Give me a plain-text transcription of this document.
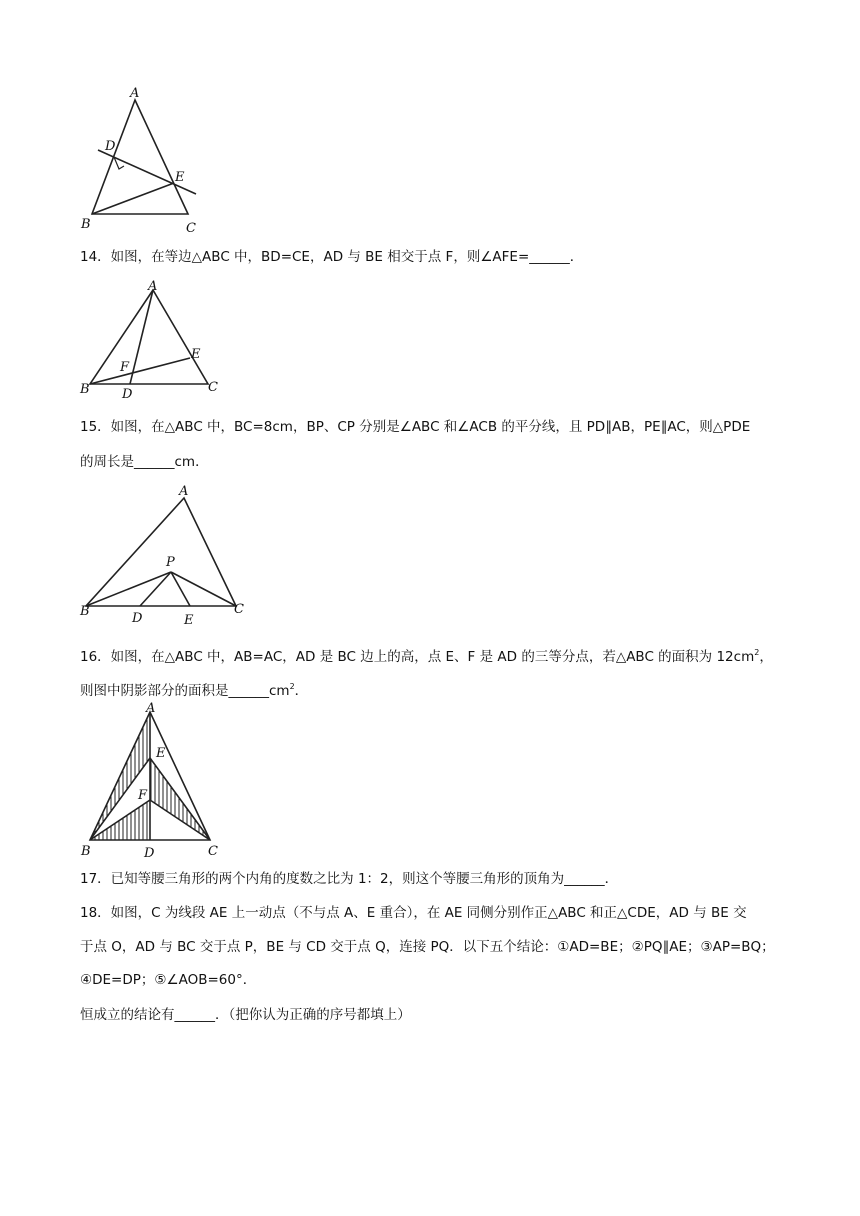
A
B	C
D
E
14．如图，在等边△ABC 中，BD=CE，AD 与 BE 相交于点 F，则∠AFE=______．
A
B	C
D
E
F
15．如图，在△ABC 中，BC=8cm，BP、CP 分别是∠ABC 和∠ACB 的平分线，且 PD∥AB，PE∥AC，则△PDE
的周长是______cm．
A
B	C
D	E
P
16．如图，在△ABC 中，AB=AC，AD 是 BC 边上的高，点 E、F 是 AD 的三等分点，若△ABC 的面积为 $12cm^2$，
则图中阴影部分的面积是$\_\_\_\_\_\_cm^2$．
A
B	C
D
E
F
17．已知等腰三角形的两个内角的度数之比为 1：2，则这个等腰三角形的顶角为______．
18．如图，C 为线段 AE 上一动点（不与点 A、E 重合），在 AE 同侧分别作正△ABC 和正△CDE，AD 与 BE 交
于点 O，AD 与 BC 交于点 P，BE 与 CD 交于点 Q，连接 PQ．以下五个结论：①AD=BE；②PQ∥AE；③AP=BQ；
④DE=DP；⑤∠AOB=60°．
恒成立的结论有______．（把你认为正确的序号都填上）
